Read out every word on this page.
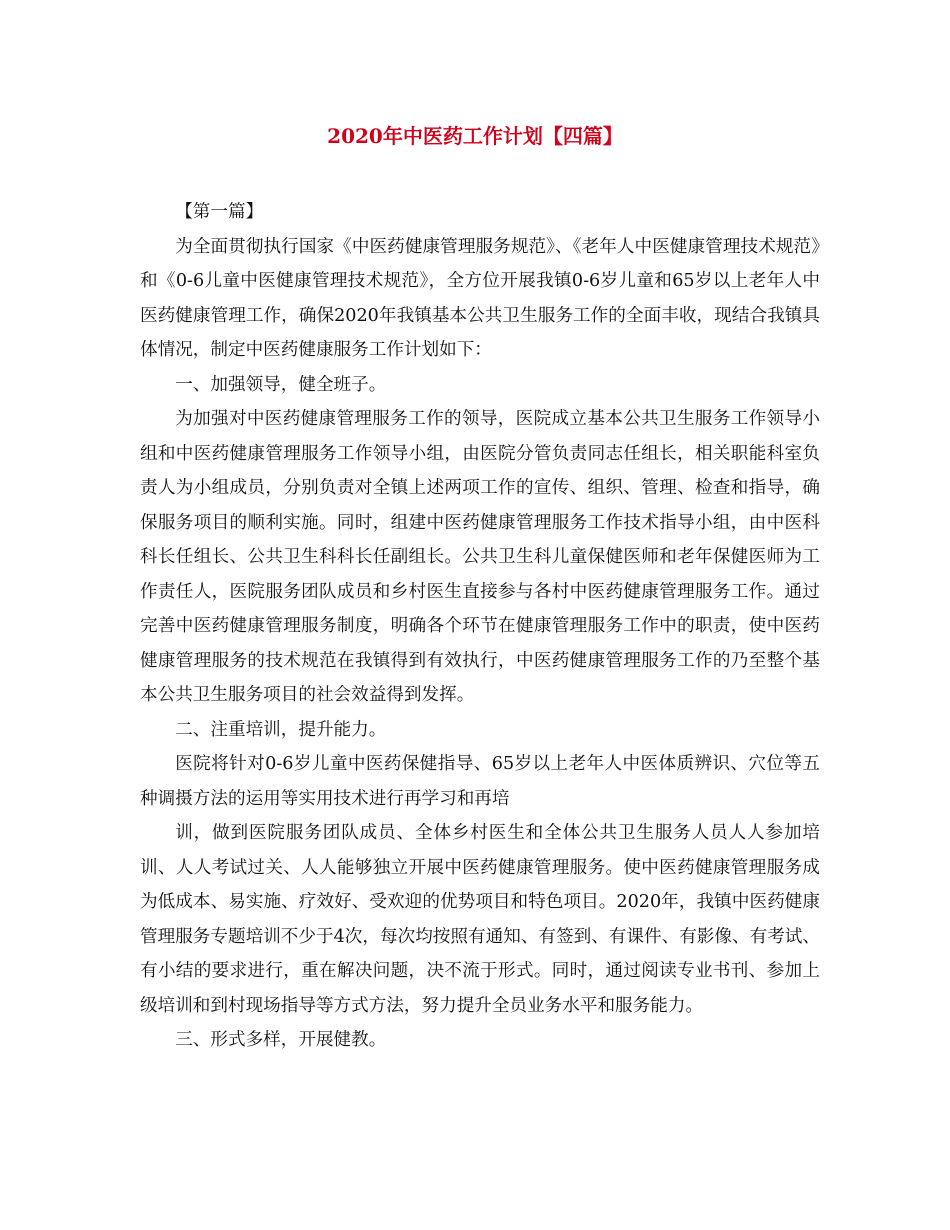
2020年中医药工作计划【四篇】

【第一篇】

为全面贯彻执行国家《中医药健康管理服务规范》、《老年人中医健康管理技术规范》和《0-6儿童中医健康管理技术规范》，全方位开展我镇0-6岁儿童和65岁以上老年人中医药健康管理工作，确保2020年我镇基本公共卫生服务工作的全面丰收，现结合我镇具体情况，制定中医药健康服务工作计划如下：

一、加强领导，健全班子。

为加强对中医药健康管理服务工作的领导，医院成立基本公共卫生服务工作领导小组和中医药健康管理服务工作领导小组，由医院分管负责同志任组长，相关职能科室负责人为小组成员，分别负责对全镇上述两项工作的宣传、组织、管理、检查和指导，确保服务项目的顺利实施。同时，组建中医药健康管理服务工作技术指导小组，由中医科科长任组长、公共卫生科科长任副组长。公共卫生科儿童保健医师和老年保健医师为工作责任人，医院服务团队成员和乡村医生直接参与各村中医药健康管理服务工作。通过完善中医药健康管理服务制度，明确各个环节在健康管理服务工作中的职责，使中医药健康管理服务的技术规范在我镇得到有效执行，中医药健康管理服务工作的乃至整个基本公共卫生服务项目的社会效益得到发挥。

二、注重培训，提升能力。

医院将针对0-6岁儿童中医药保健指导、65岁以上老年人中医体质辨识、穴位等五种调摄方法的运用等实用技术进行再学习和再培

训，做到医院服务团队成员、全体乡村医生和全体公共卫生服务人员人人参加培训、人人考试过关、人人能够独立开展中医药健康管理服务。使中医药健康管理服务成为低成本、易实施、疗效好、受欢迎的优势项目和特色项目。2020年，我镇中医药健康管理服务专题培训不少于4次，每次均按照有通知、有签到、有课件、有影像、有考试、有小结的要求进行，重在解决问题，决不流于形式。同时，通过阅读专业书刊、参加上级培训和到村现场指导等方式方法，努力提升全员业务水平和服务能力。

三、形式多样，开展健教。
